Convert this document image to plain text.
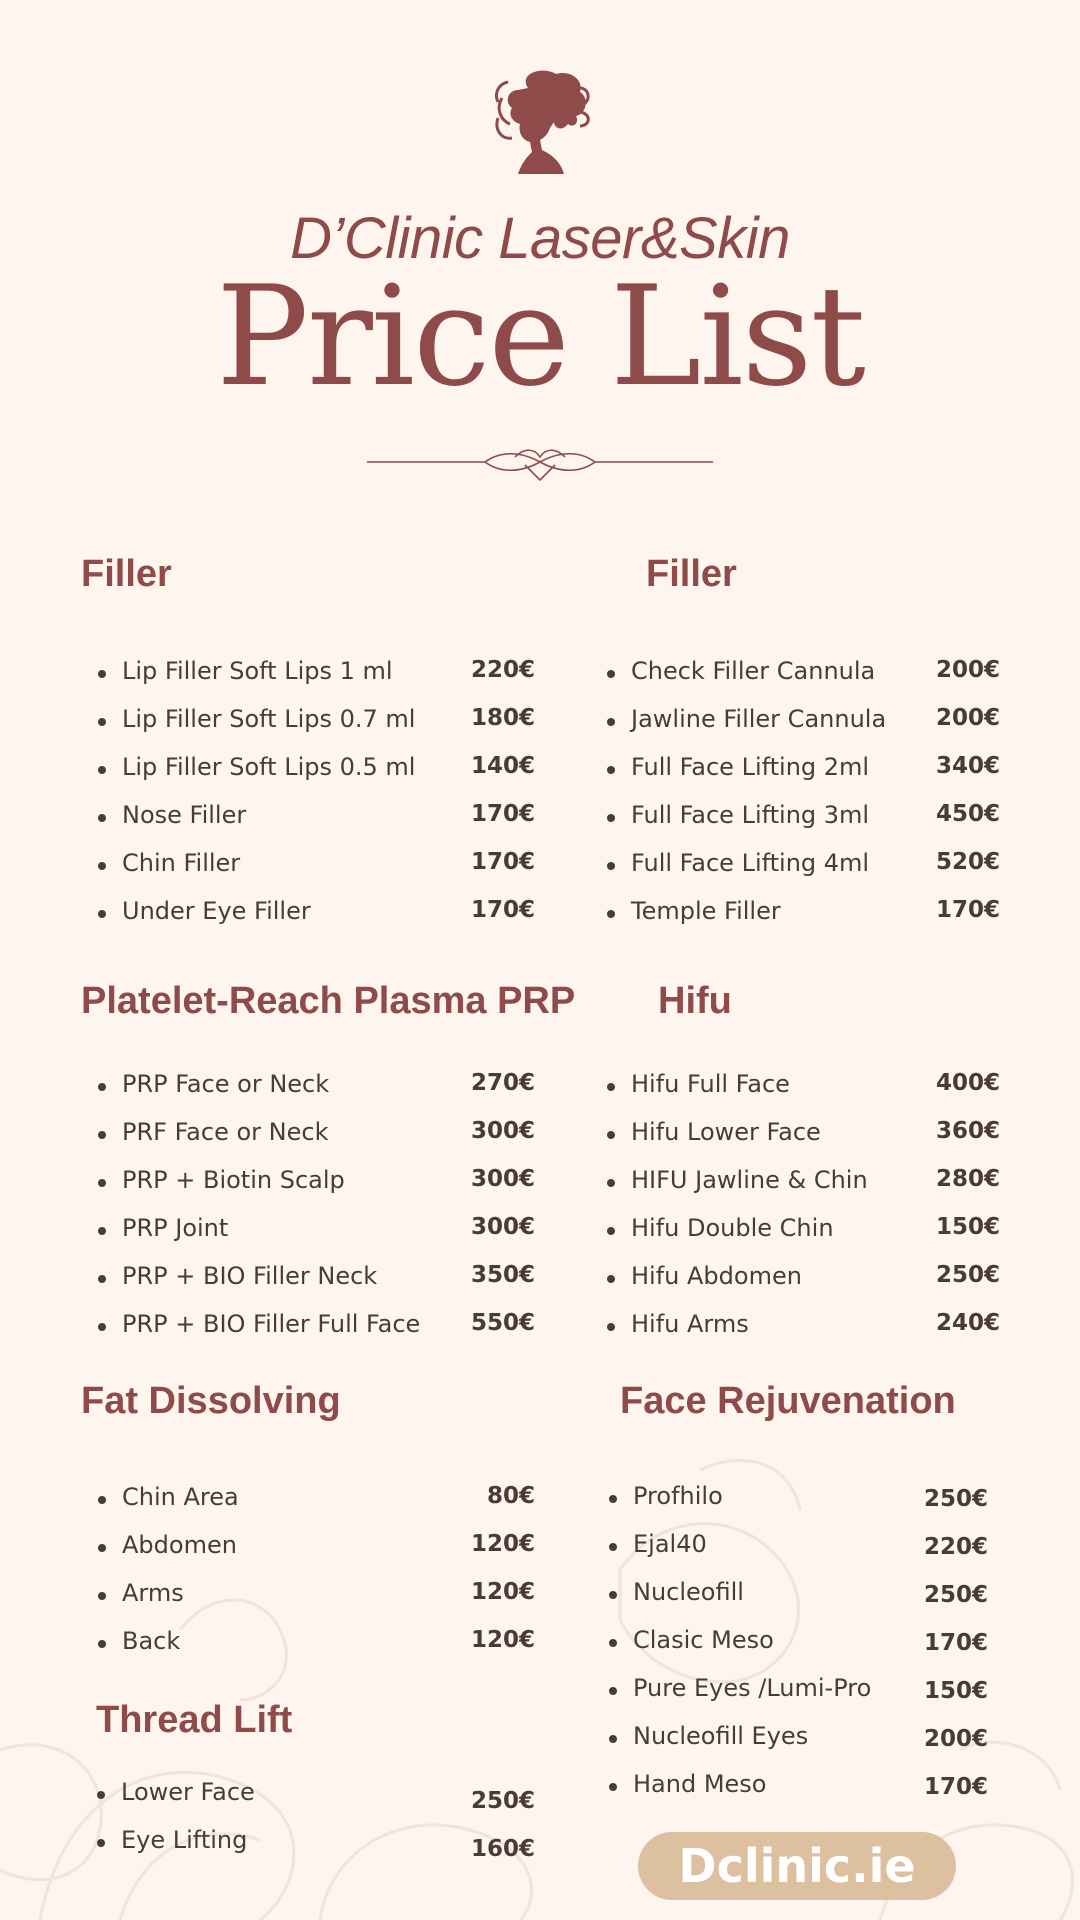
D’Clinic Laser&Skin
Price List
Filler
Lip Filler Soft Lips 1 ml	220€
Lip Filler Soft Lips 0.7 ml 180€
Lip Filler Soft Lips 0.5 ml 140€
Nose Filler	170€
Chin Filler	170€
Under Eye Filler	170€
Filler
Check Filler Cannula	200€
Jawline Filler Cannula 200€
Full Face Lifting 2ml	340€
Full Face Lifting 3ml	450€
Full Face Lifting 4ml	520€
Temple Filler	170€
Platelet-Reach Plasma PRP
PRP Face or Neck	270€
PRF Face or Neck	300€
PRP + Biotin Scalp	300€
PRP Joint	300€
PRP + BIO Filler Neck	350€
PRP + BIO Filler Full Face 550€
Hifu
Hifu Full Face	400€
Hifu Lower Face	360€
HIFU Jawline & Chin	280€
Hifu Double Chin	150€
Hifu Abdomen	250€
Hifu Arms	240€
Fat Dissolving
Chin Area	80€
Abdomen	120€
Arms	120€
Back	120€
Face Rejuvenation
Profhilo	250€
Ejal40	220€
Nucleofill	250€
Clasic Meso	170€
Pure Eyes /Lumi-Pro 150€
Nucleofill Eyes	200€
Hand Meso	170€
Thread Lift
Lower Face	250€
Eye Lifting	160€	Dclinic.ie
